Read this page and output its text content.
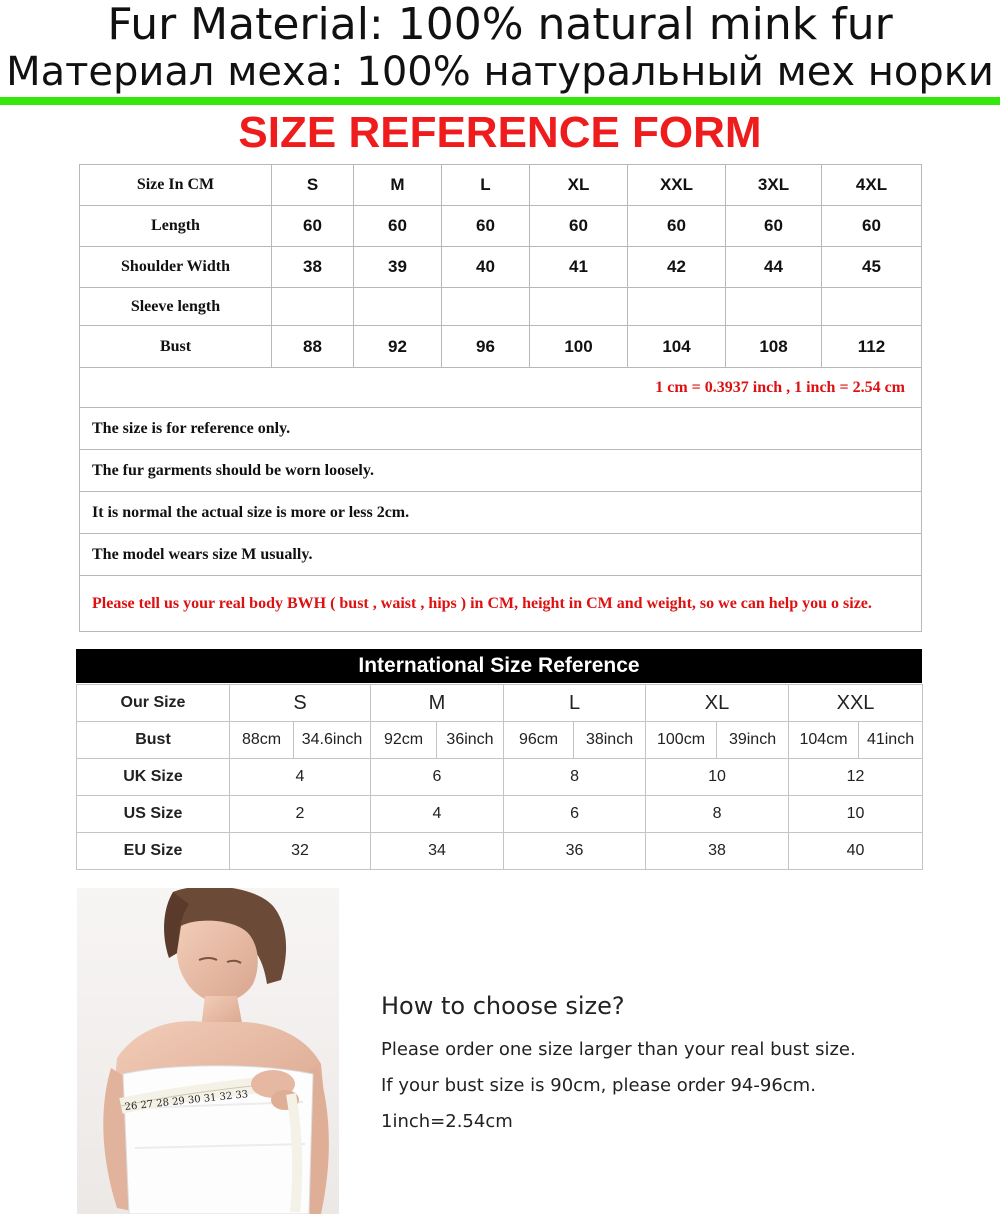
Fur Material: 100% natural mink fur
Материал меха: 100% натуральный мех норки
SIZE REFERENCE FORM
Size In CM	S	M	L	XL	XXL	3XL	4XL
Length	60	60	60	60	60	60	60
Shoulder Width	38	39	40	41	42	44	45
Sleeve length							
Bust	88	92	96	100	104	108	112
1 cm = 0.3937 inch , 1 inch = 2.54 cm							
The size is for reference only.							
The fur garments should be worn loosely.							
It is normal the actual size is more or less 2cm.							
The model wears size M usually.							
Please tell us your real body BWH ( bust , waist , hips ) in CM, height in CM and weight, so we can help you o size.							
International Size Reference
Our Size	S		M		L		XL		XXL	
Bust	88cm	34.6inch	92cm	36inch	96cm	38inch	100cm	39inch	104cm	41inch
UK Size	4		6		8		10		12	
US Size	2		4		6		8		10	
EU Size	32		34		36		38		40	
26 27 28 29 30 31 32 33
How to choose size?
Please order one size larger than your real bust size.
If your bust size is 90cm, please order 94-96cm.
1inch=2.54cm
